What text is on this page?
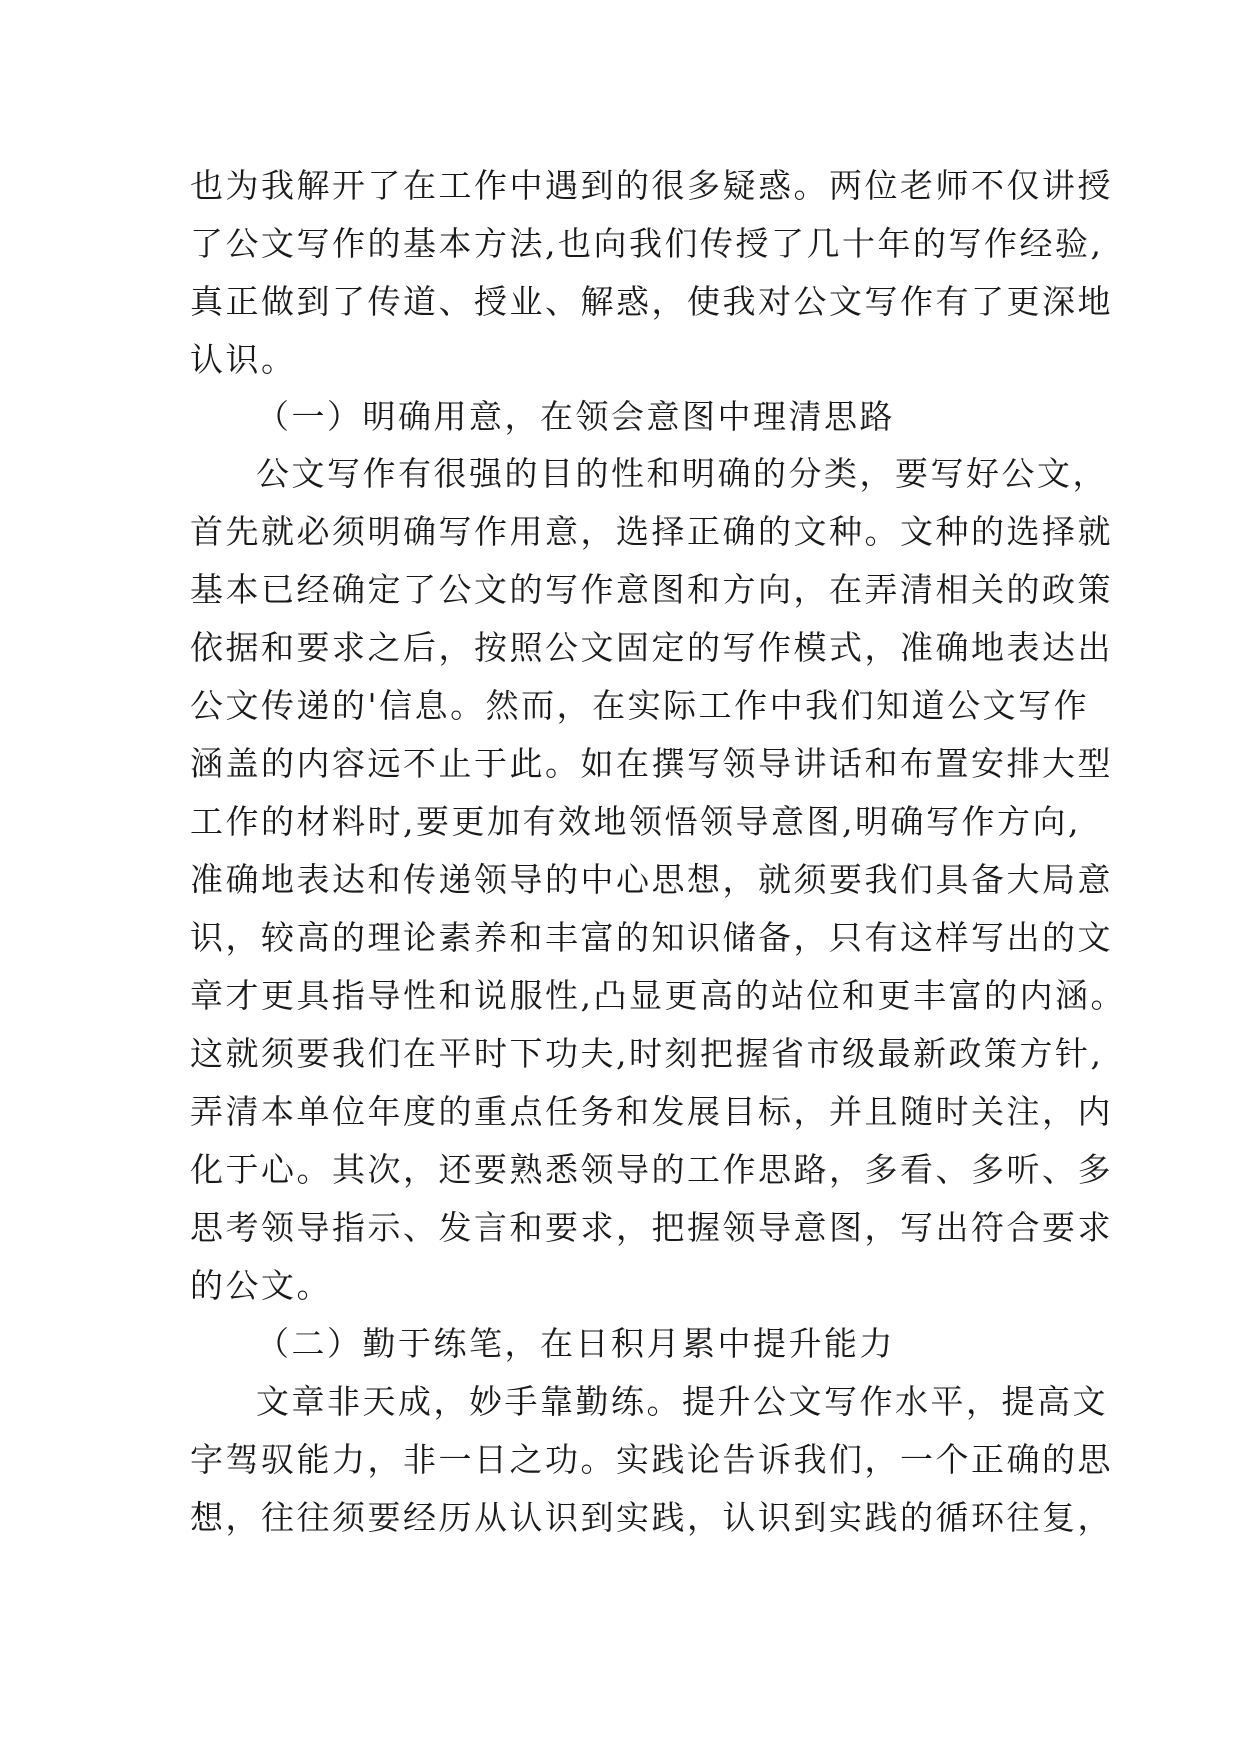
也为我解开了在工作中遇到的很多疑惑。两位老师不仅讲授

了公文写作的基本方法,也向我们传授了几十年的写作经验,

真正做到了传道、授业、解惑，使我对公文写作有了更深地

认识。

（一）明确用意，在领会意图中理清思路

公文写作有很强的目的性和明确的分类，要写好公文，

首先就必须明确写作用意，选择正确的文种。文种的选择就

基本已经确定了公文的写作意图和方向，在弄清相关的政策

依据和要求之后，按照公文固定的写作模式，准确地表达出

公文传递的'信息。然而，在实际工作中我们知道公文写作

涵盖的内容远不止于此。如在撰写领导讲话和布置安排大型

工作的材料时,要更加有效地领悟领导意图,明确写作方向,

准确地表达和传递领导的中心思想，就须要我们具备大局意

识，较高的理论素养和丰富的知识储备，只有这样写出的文

章才更具指导性和说服性,凸显更高的站位和更丰富的内涵。

这就须要我们在平时下功夫,时刻把握省市级最新政策方针,

弄清本单位年度的重点任务和发展目标，并且随时关注，内

化于心。其次，还要熟悉领导的工作思路，多看、多听、多

思考领导指示、发言和要求，把握领导意图，写出符合要求

的公文。

（二）勤于练笔，在日积月累中提升能力

文章非天成，妙手靠勤练。提升公文写作水平，提高文

字驾驭能力，非一日之功。实践论告诉我们，一个正确的思

想，往往须要经历从认识到实践，认识到实践的循环往复，
